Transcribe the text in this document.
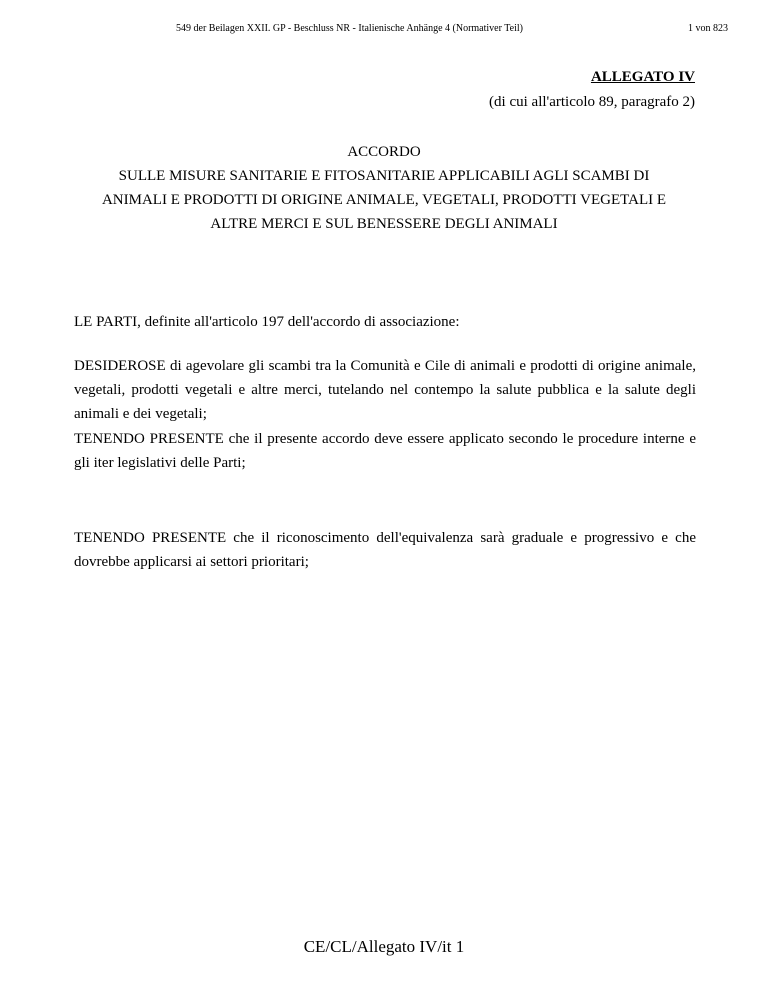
549 der Beilagen XXII. GP - Beschluss NR - Italienische Anhänge 4 (Normativer Teil)	1 von 823
ALLEGATO IV
(di cui all'articolo 89, paragrafo 2)
ACCORDO
SULLE MISURE SANITARIE E FITOSANITARIE APPLICABILI AGLI SCAMBI DI
ANIMALI E PRODOTTI DI ORIGINE ANIMALE, VEGETALI, PRODOTTI VEGETALI E
ALTRE MERCI E SUL BENESSERE DEGLI ANIMALI
LE PARTI, definite all'articolo 197 dell'accordo di associazione:
DESIDEROSE di agevolare gli scambi tra la Comunità e Cile di animali e prodotti di origine animale, vegetali, prodotti vegetali e altre merci, tutelando nel contempo la salute pubblica e la salute degli animali e dei vegetali;
TENENDO PRESENTE che il presente accordo deve essere applicato secondo le procedure interne e gli iter legislativi delle Parti;
TENENDO PRESENTE che il riconoscimento dell'equivalenza sarà graduale e progressivo e che dovrebbe applicarsi ai settori prioritari;
CE/CL/Allegato IV/it 1
